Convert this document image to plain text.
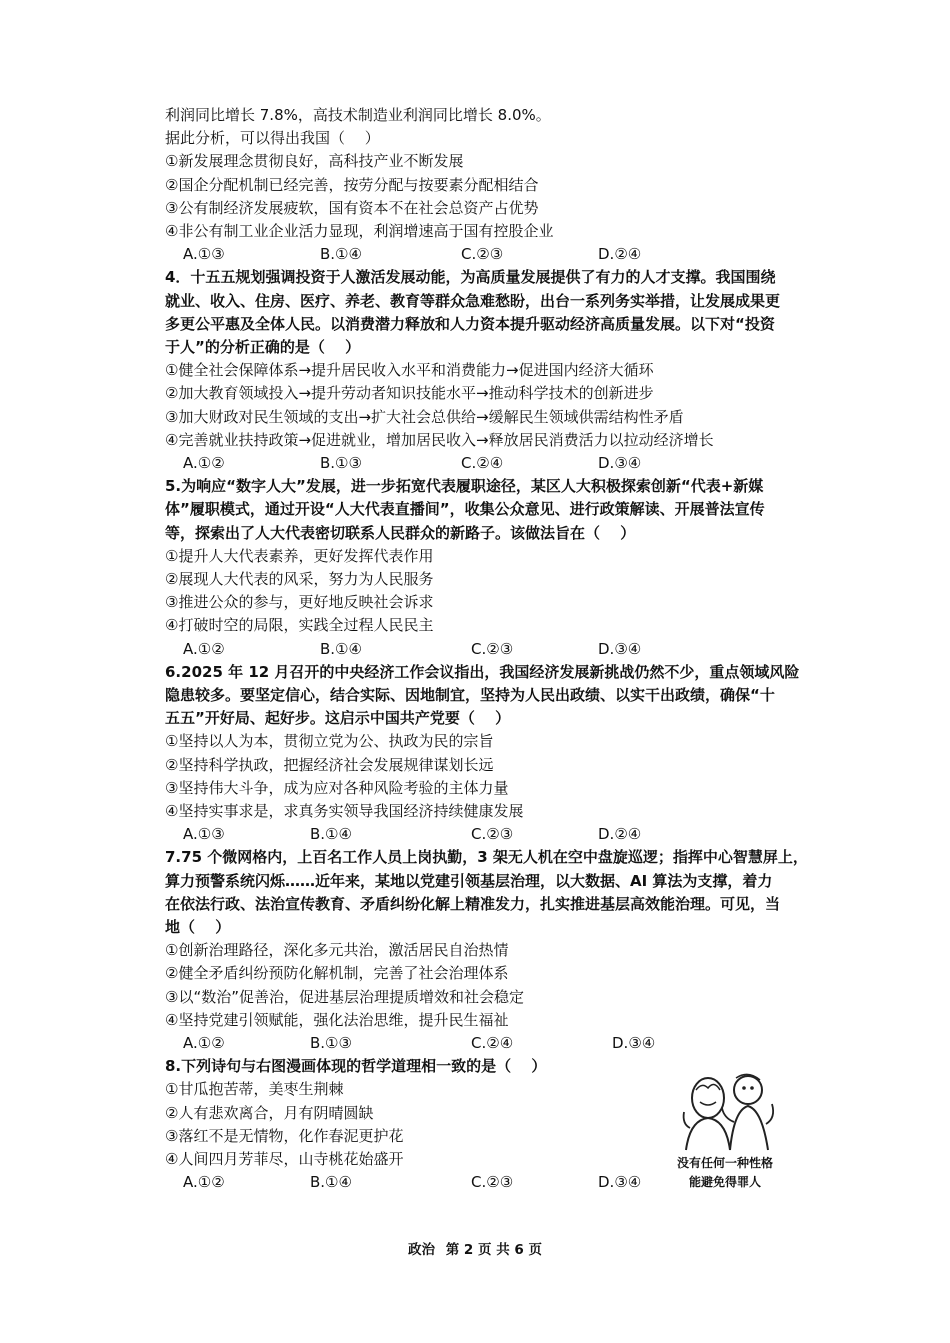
利润同比增长 7.8%，高技术制造业利润同比增长 8.0%。
据此分析，可以得出我国（　 ）
①新发展理念贯彻良好，高科技产业不断发展
②国企分配机制已经完善，按劳分配与按要素分配相结合
③公有制经济发展疲软，国有资本不在社会总资产占优势
④非公有制工业企业活力显现，利润增速高于国有控股企业
A.①③	B.①④	C.②③	D.②④
4．十五五规划强调投资于人激活发展动能，为高质量发展提供了有力的人才支撑。我国围绕
就业、收入、住房、医疗、养老、教育等群众急难愁盼，出台一系列务实举措，让发展成果更
多更公平惠及全体人民。以消费潜力释放和人力资本提升驱动经济高质量发展。以下对“投资
于人”的分析正确的是（　 ）
①健全社会保障体系→提升居民收入水平和消费能力→促进国内经济大循环
②加大教育领域投入→提升劳动者知识技能水平→推动科学技术的创新进步
③加大财政对民生领域的支出→扩大社会总供给→缓解民生领域供需结构性矛盾
④完善就业扶持政策→促进就业，增加居民收入→释放居民消费活力以拉动经济增长
A.①②	B.①③	C.②④	D.③④
5.为响应“数字人大”发展，进一步拓宽代表履职途径，某区人大积极探索创新“代表+新媒
体”履职模式，通过开设“人大代表直播间”，收集公众意见、进行政策解读、开展普法宣传
等，探索出了人大代表密切联系人民群众的新路子。该做法旨在（　 ）
①提升人大代表素养，更好发挥代表作用
②展现人大代表的风采，努力为人民服务
③推进公众的参与，更好地反映社会诉求
④打破时空的局限，实践全过程人民民主
A.①②	B.①④	C.②③	D.③④
6.2025 年 12 月召开的中央经济工作会议指出，我国经济发展新挑战仍然不少，重点领域风险
隐患较多。要坚定信心，结合实际、因地制宜，坚持为人民出政绩、以实干出政绩，确保“十
五五”开好局、起好步。这启示中国共产党要（　 ）
①坚持以人为本，贯彻立党为公、执政为民的宗旨
②坚持科学执政，把握经济社会发展规律谋划长远
③坚持伟大斗争，成为应对各种风险考验的主体力量
④坚持实事求是，求真务实领导我国经济持续健康发展
A.①③	B.①④	C.②③	D.②④
7.75 个微网格内，上百名工作人员上岗执勤，3 架无人机在空中盘旋巡逻；指挥中心智慧屏上，
算力预警系统闪烁……近年来，某地以党建引领基层治理，以大数据、AI 算法为支撑，着力
在依法行政、法治宣传教育、矛盾纠纷化解上精准发力，扎实推进基层高效能治理。可见，当
地（　 ）
①创新治理路径，深化多元共治，激活居民自治热情
②健全矛盾纠纷预防化解机制，完善了社会治理体系
③以“数治”促善治，促进基层治理提质增效和社会稳定
④坚持党建引领赋能，强化法治思维，提升民生福祉
A.①②	B.①③	C.②④	D.③④
8.下列诗句与右图漫画体现的哲学道理相一致的是（　 ）
①甘瓜抱苦蒂，美枣生荆棘
②人有悲欢离合，月有阴晴圆缺
③落红不是无情物，化作春泥更护花
④人间四月芳菲尽，山寺桃花始盛开
A.①②	B.①④	C.②③	D.③④
没有任何一种性格
能避免得罪人
政治 第 2 页 共 6 页
